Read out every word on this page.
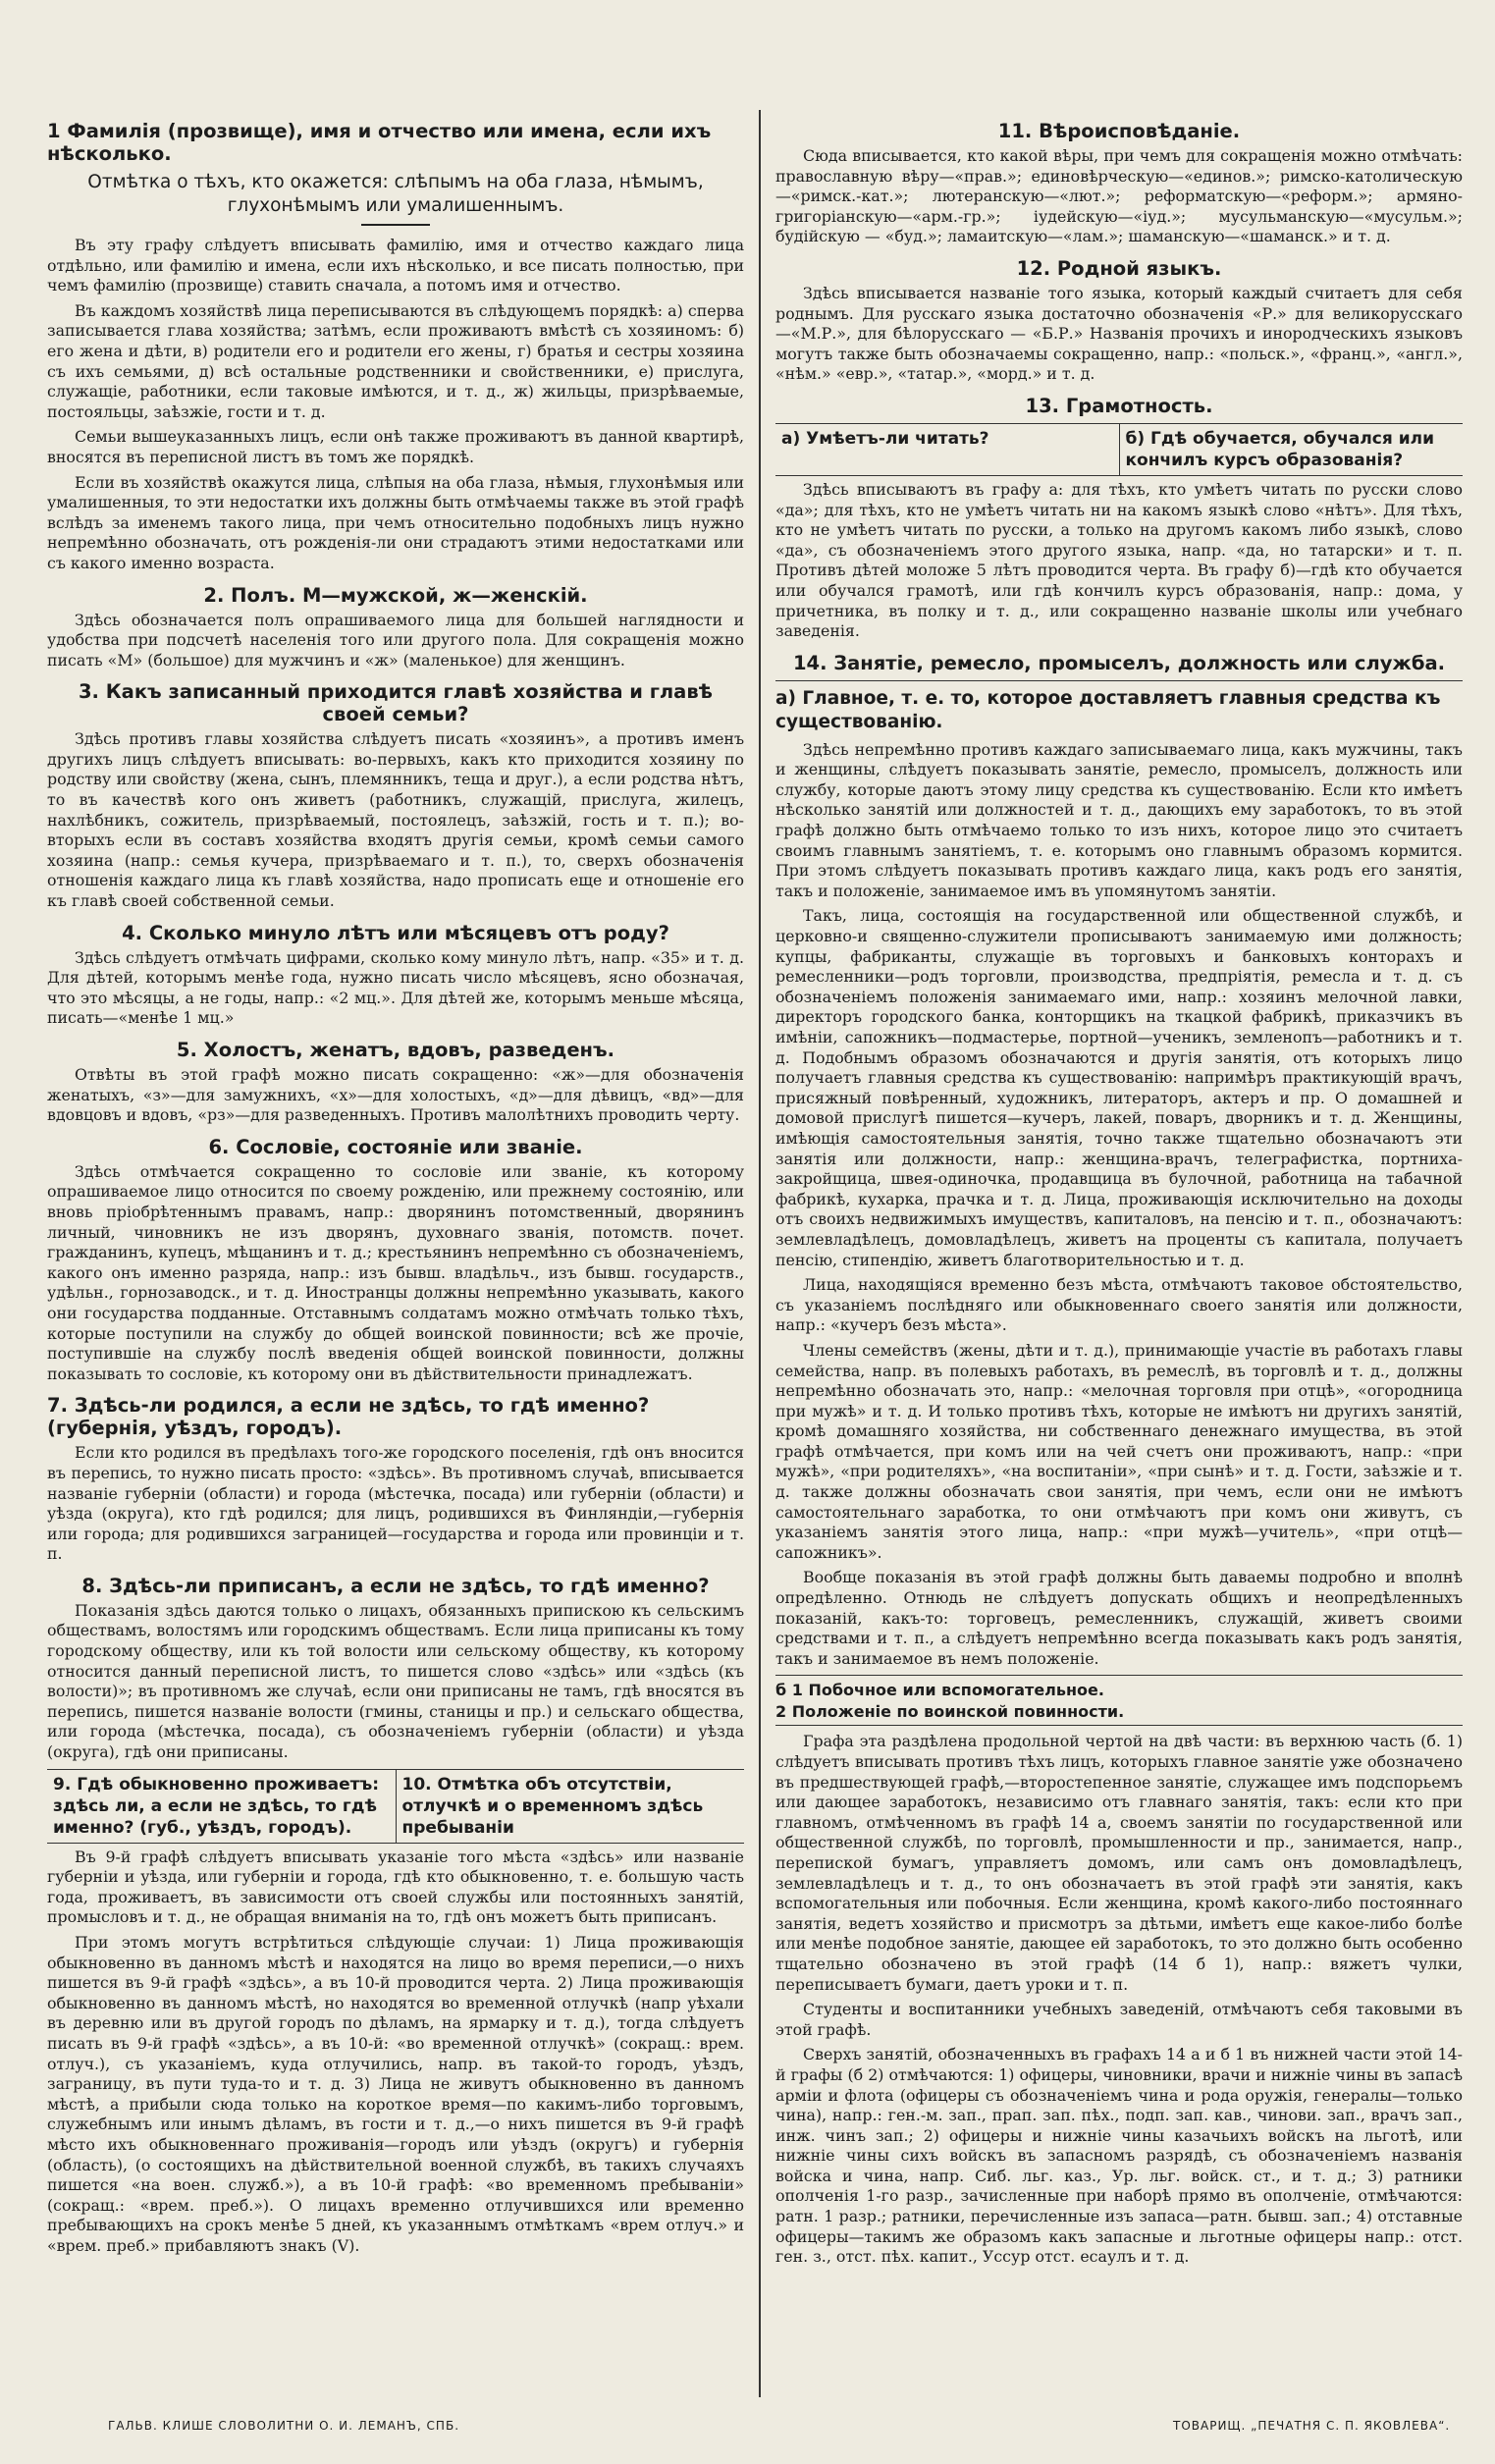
1 Фамилія (прозвище), имя и отчество или имена, если ихъ нѣсколько.
Отмѣтка о тѣхъ, кто окажется: слѣпымъ на оба глаза, нѣмымъ, глухонѣмымъ или умалишеннымъ.

Въ эту графу слѣдуетъ вписывать фамилію, имя и отчество каждаго лица отдѣльно, или фамилію и имена, если ихъ нѣсколько, и все писать полностью, при чемъ фамилію (прозвище) ставить сначала, а потомъ имя и отчество.

Въ каждомъ хозяйствѣ лица переписываются въ слѣдующемъ порядкѣ: а) сперва записывается глава хозяйства; затѣмъ, если проживаютъ вмѣстѣ съ хозяиномъ: б) его жена и дѣти, в) родители его и родители его жены, г) братья и сестры хозяина съ ихъ семьями, д) всѣ остальные родственники и свойственники, е) прислуга, служащіе, работники, если таковые имѣются, и т. д., ж) жильцы, призрѣваемые, постояльцы, заѣзжіе, гости и т. д.

Семьи вышеуказанныхъ лицъ, если онѣ также проживаютъ въ данной квартирѣ, вносятся въ переписной листъ въ томъ же порядкѣ.

Если въ хозяйствѣ окажутся лица, слѣпыя на оба глаза, нѣмыя, глухонѣмыя или умалишенныя, то эти недостатки ихъ должны быть отмѣчаемы также въ этой графѣ вслѣдъ за именемъ такого лица, при чемъ относительно подобныхъ лицъ нужно непремѣнно обозначать, отъ рожденія-ли они страдаютъ этими недостатками или съ какого именно возраста.

2. Полъ. М—мужской, ж—женскій.

Здѣсь обозначается полъ опрашиваемого лица для большей наглядности и удобства при подсчетѣ населенія того или другого пола. Для сокращенія можно писать «М» (большое) для мужчинъ и «ж» (маленькое) для женщинъ.

3. Какъ записанный приходится главѣ хозяйства и главѣ своей семьи?

Здѣсь противъ главы хозяйства слѣдуетъ писать «хозяинъ», а противъ именъ другихъ лицъ слѣдуетъ вписывать: во-первыхъ, какъ кто приходится хозяину по родству или свойству (жена, сынъ, племянникъ, теща и друг.), а если родства нѣтъ, то въ качествѣ кого онъ живетъ (работникъ, служащій, прислуга, жилецъ, нахлѣбникъ, сожитель, призрѣваемый, постоялецъ, заѣзжій, гость и т. п.); во-вторыхъ если въ составъ хозяйства входятъ другія семьи, кромѣ семьи самого хозяина (напр.: семья кучера, призрѣваемаго и т. п.), то, сверхъ обозначенія отношенія каждаго лица къ главѣ хозяйства, надо прописать еще и отношеніе его къ главѣ своей собственной семьи.

4. Сколько минуло лѣтъ или мѣсяцевъ отъ роду?

Здѣсь слѣдуетъ отмѣчать цифрами, сколько кому минуло лѣтъ, напр. «35» и т. д. Для дѣтей, которымъ менѣе года, нужно писать число мѣсяцевъ, ясно обозначая, что это мѣсяцы, а не годы, напр.: «2 мц.». Для дѣтей же, которымъ меньше мѣсяца, писать—«менѣе 1 мц.»

5. Холостъ, женатъ, вдовъ, разведенъ.

Отвѣты въ этой графѣ можно писать сокращенно: «ж»—для обозначенія женатыхъ, «з»—для замужнихъ, «х»—для холостыхъ, «д»—для дѣвицъ, «вд»—для вдовцовъ и вдовъ, «рз»—для разведенныхъ. Противъ малолѣтнихъ проводить черту.

6. Сословіе, состояніе или званіе.

Здѣсь отмѣчается сокращенно то сословіе или званіе, къ которому опрашиваемое лицо относится по своему рожденію, или прежнему состоянію, или вновь пріобрѣтеннымъ правамъ, напр.: дворянинъ потомственный, дворянинъ личный, чиновникъ не изъ дворянъ, духовнаго званія, потомств. почет. гражданинъ, купецъ, мѣщанинъ и т. д.; крестьянинъ непремѣнно съ обозначеніемъ, какого онъ именно разряда, напр.: изъ бывш. владѣльч., изъ бывш. государств., удѣльн., горнозаводск., и т. д. Иностранцы должны непремѣнно указывать, какого они государства подданные. Отставнымъ солдатамъ можно отмѣчать только тѣхъ, которые поступили на службу до общей воинской повинности; всѣ же прочіе, поступившіе на службу послѣ введенія общей воинской повинности, должны показывать то сословіе, къ которому они въ дѣйствительности принадлежатъ.

7. Здѣсь-ли родился, а если не здѣсь, то гдѣ именно? (губернія, уѣздъ, городъ).

Если кто родился въ предѣлахъ того-же городского поселенія, гдѣ онъ вносится въ перепись, то нужно писать просто: «здѣсь». Въ противномъ случаѣ, вписывается названіе губерніи (области) и города (мѣстечка, посада) или губерніи (области) и уѣзда (округа), кто гдѣ родился; для лицъ, родившихся въ Финляндіи,—губернія или города; для родившихся заграницей—государства и города или провинціи и т. п.

8. Здѣсь-ли приписанъ, а если не здѣсь, то гдѣ именно?

Показанія здѣсь даются только о лицахъ, обязанныхъ припискою къ сельскимъ обществамъ, волостямъ или городскимъ обществамъ. Если лица приписаны къ тому городскому обществу, или къ той волости или сельскому обществу, къ которому относится данный переписной листъ, то пишется слово «здѣсь» или «здѣсь (къ волости)»; въ противномъ же случаѣ, если они приписаны не тамъ, гдѣ вносятся въ перепись, пишется названіе волости (гмины, станицы и пр.) и сельскаго общества, или города (мѣстечка, посада), съ обозначеніемъ губерніи (области) и уѣзда (округа), гдѣ они приписаны.

9. Гдѣ обыкновенно проживаетъ: здѣсь ли, а если не здѣсь, то гдѣ именно? (губ., уѣздъ, городъ).
10. Отмѣтка объ отсутствіи, отлучкѣ и о временномъ здѣсь пребываніи

Въ 9-й графѣ слѣдуетъ вписывать указаніе того мѣста «здѣсь» или названіе губерніи и уѣзда, или губерніи и города, гдѣ кто обыкновенно, т. е. большую часть года, проживаетъ, въ зависимости отъ своей службы или постоянныхъ занятій, промысловъ и т. д., не обращая вниманія на то, гдѣ онъ можетъ быть приписанъ.

При этомъ могутъ встрѣтиться слѣдующіе случаи: 1) Лица проживающія обыкновенно въ данномъ мѣстѣ и находятся на лицо во время переписи,—о нихъ пишется въ 9-й графѣ «здѣсь», а въ 10-й проводится черта. 2) Лица проживающія обыкновенно въ данномъ мѣстѣ, но находятся во временной отлучкѣ (напр уѣхали въ деревню или въ другой городъ по дѣламъ, на ярмарку и т. д.), тогда слѣдуетъ писать въ 9-й графѣ «здѣсь», а въ 10-й: «во временной отлучкѣ» (сокращ.: врем. отлуч.), съ указаніемъ, куда отлучились, напр. въ такой-то городъ, уѣздъ, заграницу, въ пути туда-то и т. д. 3) Лица не живутъ обыкновенно въ данномъ мѣстѣ, а прибыли сюда только на короткое время—по какимъ-либо торговымъ, служебнымъ или инымъ дѣламъ, въ гости и т. д.,—о нихъ пишется въ 9-й графѣ мѣсто ихъ обыкновеннаго проживанія—городъ или уѣздъ (округъ) и губернія (область), (о состоящихъ на дѣйствительной военной службѣ, въ такихъ случаяхъ пишется «на воен. служб.»), а въ 10-й графѣ: «во временномъ пребываніи» (сокращ.: «врем. преб.»). О лицахъ временно отлучившихся или временно пребывающихъ на срокъ менѣе 5 дней, къ указаннымъ отмѣткамъ «врем отлуч.» и «врем. преб.» прибавляютъ знакъ (V).

11. Вѣроисповѣданіе.

Сюда вписывается, кто какой вѣры, при чемъ для сокращенія можно отмѣчать: православную вѣру—«прав.»; единовѣрческую—«единов.»; римско-католическую—«римск.-кат.»; лютеранскую—«лют.»; реформатскую—«реформ.»; армяно-григоріанскую—«арм.-гр.»; іудейскую—«іуд.»; мусульманскую—«мусульм.»; будійскую — «буд.»; ламаитскую—«лам.»; шаманскую—«шаманск.» и т. д.

12. Родной языкъ.

Здѣсь вписывается названіе того языка, который каждый считаетъ для себя роднымъ. Для русскаго языка достаточно обозначенія «Р.» для великорусскаго—«М.Р.», для бѣлорусскаго — «Б.Р.» Названія прочихъ и инородческихъ языковъ могутъ также быть обозначаемы сокращенно, напр.: «польск.», «франц.», «англ.», «нѣм.» «евр.», «татар.», «морд.» и т. д.

13. Грамотность.
а) Умѣетъ-ли читать?	б) Гдѣ обучается, обучался или кончилъ курсъ образованія?

Здѣсь вписываютъ въ графу а: для тѣхъ, кто умѣетъ читать по русски слово «да»; для тѣхъ, кто не умѣетъ читать ни на какомъ языкѣ слово «нѣтъ». Для тѣхъ, кто не умѣетъ читать по русски, а только на другомъ какомъ либо языкѣ, слово «да», съ обозначеніемъ этого другого языка, напр. «да, но татарски» и т. п. Противъ дѣтей моложе 5 лѣтъ проводится черта. Въ графу б)—гдѣ кто обучается или обучался грамотѣ, или гдѣ кончилъ курсъ образованія, напр.: дома, у причетника, въ полку и т. д., или сокращенно названіе школы или учебнаго заведенія.

14. Занятіе, ремесло, промыселъ, должность или служба.
а) Главное, т. е. то, которое доставляетъ главныя средства къ существованію.

Здѣсь непремѣнно противъ каждаго записываемаго лица, какъ мужчины, такъ и женщины, слѣдуетъ показывать занятіе, ремесло, промыселъ, должность или службу, которые даютъ этому лицу средства къ существованію. Если кто имѣетъ нѣсколько занятій или должностей и т. д., дающихъ ему заработокъ, то въ этой графѣ должно быть отмѣчаемо только то изъ нихъ, которое лицо это считаетъ своимъ главнымъ занятіемъ, т. е. которымъ оно главнымъ образомъ кормится. При этомъ слѣдуетъ показывать противъ каждаго лица, какъ родъ его занятія, такъ и положеніе, занимаемое имъ въ упомянутомъ занятіи.

Такъ, лица, состоящія на государственной или общественной службѣ, и церковно-и священно-служители прописываютъ занимаемую ими должность; купцы, фабриканты, служащіе въ торговыхъ и банковыхъ конторахъ и ремесленники—родъ торговли, производства, предпріятія, ремесла и т. д. съ обозначеніемъ положенія занимаемаго ими, напр.: хозяинъ мелочной лавки, директоръ городского банка, конторщикъ на ткацкой фабрикѣ, приказчикъ въ имѣніи, сапожникъ—подмастерье, портной—ученикъ, земленопъ—работникъ и т. д. Подобнымъ образомъ обозначаются и другія занятія, отъ которыхъ лицо получаетъ главныя средства къ существованію: напримѣръ практикующій врачъ, присяжный повѣренный, художникъ, литераторъ, актеръ и пр. О домашней и домовой прислугѣ пишется—кучеръ, лакей, поваръ, дворникъ и т. д. Женщины, имѣющія самостоятельныя занятія, точно также тщательно обозначаютъ эти занятія или должности, напр.: женщина-врачъ, телеграфистка, портниха-закройщица, швея-одиночка, продавщица въ булочной, работница на табачной фабрикѣ, кухарка, прачка и т. д. Лица, проживающія исключительно на доходы отъ своихъ недвижимыхъ имуществъ, капиталовъ, на пенсію и т. п., обозначаютъ: землевладѣлецъ, домовладѣлецъ, живетъ на проценты съ капитала, получаетъ пенсію, стипендію, живетъ благотворительностью и т. д.

Лица, находящіяся временно безъ мѣста, отмѣчаютъ таковое обстоятельство, съ указаніемъ послѣдняго или обыкновеннаго своего занятія или должности, напр.: «кучеръ безъ мѣста».

Члены семействъ (жены, дѣти и т. д.), принимающіе участіе въ работахъ главы семейства, напр. въ полевыхъ работахъ, въ ремеслѣ, въ торговлѣ и т. д., должны непремѣнно обозначать это, напр.: «мелочная торговля при отцѣ», «огородница при мужѣ» и т. д. И только противъ тѣхъ, которые не имѣютъ ни другихъ занятій, кромѣ домашняго хозяйства, ни собственнаго денежнаго имущества, въ этой графѣ отмѣчается, при комъ или на чей счетъ они проживаютъ, напр.: «при мужѣ», «при родителяхъ», «на воспитаніи», «при сынѣ» и т. д. Гости, заѣзжіе и т. д. также должны обозначать свои занятія, при чемъ, если они не имѣютъ самостоятельнаго заработка, то они отмѣчаютъ при комъ они живутъ, съ указаніемъ занятія этого лица, напр.: «при мужѣ—учитель», «при отцѣ—сапожникъ».

Вообще показанія въ этой графѣ должны быть даваемы подробно и вполнѣ опредѣленно. Отнюдь не слѣдуетъ допускать общихъ и неопредѣленныхъ показаній, какъ-то: торговецъ, ремесленникъ, служащій, живетъ своими средствами и т. п., а слѣдуетъ непремѣнно всегда показывать какъ родъ занятія, такъ и занимаемое въ немъ положеніе.

б 1 Побочное или вспомогательное.
2 Положеніе по воинской повинности.

Графа эта раздѣлена продольной чертой на двѣ части: въ верхнюю часть (б. 1) слѣдуетъ вписывать противъ тѣхъ лицъ, которыхъ главное занятіе уже обозначено въ предшествующей графѣ,—второстепенное занятіе, служащее имъ подспорьемъ или дающее заработокъ, независимо отъ главнаго занятія, такъ: если кто при главномъ, отмѣченномъ въ графѣ 14 а, своемъ занятіи по государственной или общественной службѣ, по торговлѣ, промышленности и пр., занимается, напр., перепиской бумагъ, управляетъ домомъ, или самъ онъ домовладѣлецъ, землевладѣлецъ и т. д., то онъ обозначаетъ въ этой графѣ эти занятія, какъ вспомогательныя или побочныя. Если женщина, кромѣ какого-либо постояннаго занятія, ведетъ хозяйство и присмотръ за дѣтьми, имѣетъ еще какое-либо болѣе или менѣе подобное занятіе, дающее ей заработокъ, то это должно быть особенно тщательно обозначено въ этой графѣ (14 б 1), напр.: вяжетъ чулки, переписываетъ бумаги, даетъ уроки и т. п.

Студенты и воспитанники учебныхъ заведеній, отмѣчаютъ себя таковыми въ этой графѣ.

Сверхъ занятій, обозначенныхъ въ графахъ 14 а и б 1 въ нижней части этой 14-й графы (б 2) отмѣчаются: 1) офицеры, чиновники, врачи и нижніе чины въ запасѣ арміи и флота (офицеры съ обозначеніемъ чина и рода оружія, генералы—только чина), напр.: ген.-м. зап., прап. зап. пѣх., подп. зап. кав., чинови. зап., врачъ зап., инж. чинъ зап.; 2) офицеры и нижніе чины казачьихъ войскъ на льготѣ, или нижніе чины сихъ войскъ въ запасномъ разрядѣ, съ обозначеніемъ названія войска и чина, напр. Сиб. льг. каз., Ур. льг. войск. ст., и т. д.; 3) ратники ополченія 1-го разр., зачисленные при наборѣ прямо въ ополченіе, отмѣчаются: ратн. 1 разр.; ратники, перечисленные изъ запаса—ратн. бывш. зап.; 4) отставные офицеры—такимъ же образомъ какъ запасные и льготные офицеры напр.: отст. ген. з., отст. пѣх. капит., Уссур отст. есаулъ и т. д.

ГАЛЬВ. КЛИШЕ СЛОВОЛИТНИ О. И. ЛЕМАНЪ, СПБ.	ТОВАРИЩ. „ПЕЧАТНЯ С. П. ЯКОВЛЕВА“.
